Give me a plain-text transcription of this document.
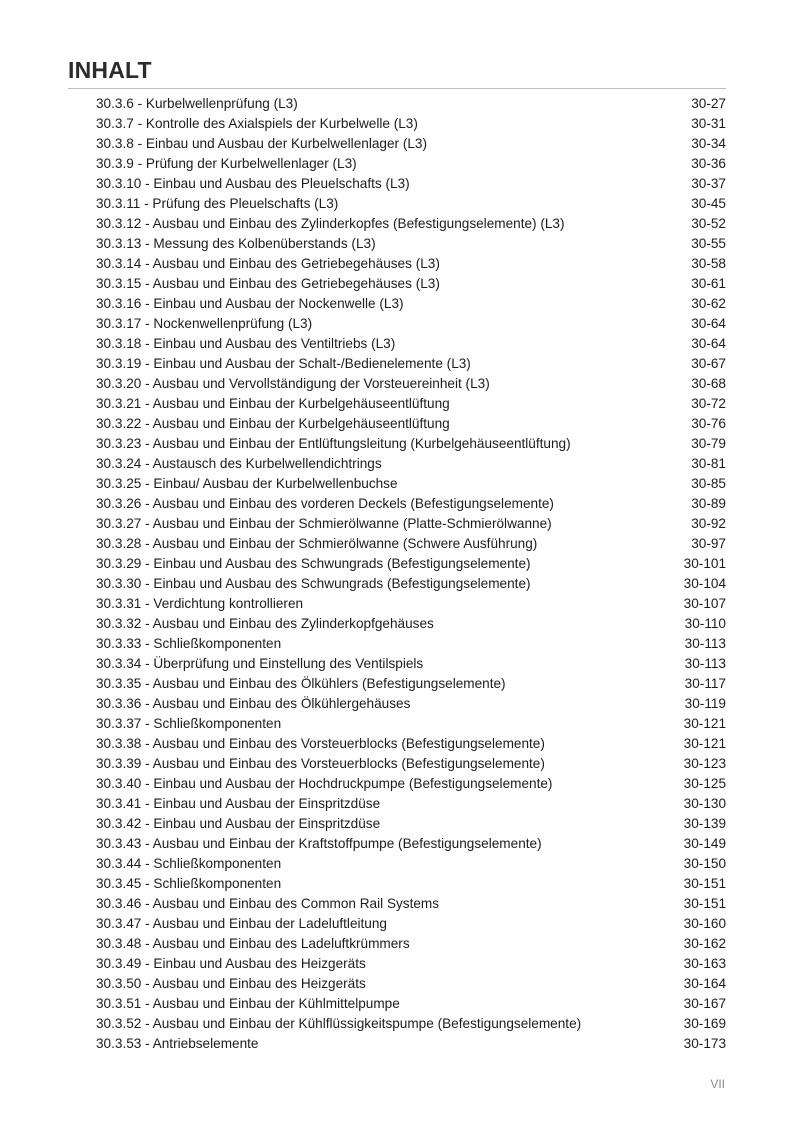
INHALT
30.3.6 - Kurbelwellenprüfung (L3)	30-27
30.3.7 - Kontrolle des Axialspiels der Kurbelwelle (L3)	30-31
30.3.8 - Einbau und Ausbau der Kurbelwellenlager (L3)	30-34
30.3.9 - Prüfung der Kurbelwellenlager (L3)	30-36
30.3.10 - Einbau und Ausbau des Pleuelschafts (L3)	30-37
30.3.11 - Prüfung des Pleuelschafts (L3)	30-45
30.3.12 - Ausbau und Einbau des Zylinderkopfes (Befestigungselemente) (L3)	30-52
30.3.13 - Messung des Kolbenüberstands (L3)	30-55
30.3.14 - Ausbau und Einbau des Getriebegehäuses (L3)	30-58
30.3.15 - Ausbau und Einbau des Getriebegehäuses (L3)	30-61
30.3.16 - Einbau und Ausbau der Nockenwelle (L3)	30-62
30.3.17 - Nockenwellenprüfung (L3)	30-64
30.3.18 - Einbau und Ausbau des Ventiltriebs (L3)	30-64
30.3.19 - Einbau und Ausbau der Schalt-/Bedienelemente (L3)	30-67
30.3.20 - Ausbau und Vervollständigung der Vorsteuereinheit (L3)	30-68
30.3.21 - Ausbau und Einbau der Kurbelgehäuseentlüftung	30-72
30.3.22 - Ausbau und Einbau der Kurbelgehäuseentlüftung	30-76
30.3.23 - Ausbau und Einbau der Entlüftungsleitung (Kurbelgehäuseentlüftung)	30-79
30.3.24 - Austausch des Kurbelwellendichtrings	30-81
30.3.25 - Einbau/ Ausbau der Kurbelwellenbuchse	30-85
30.3.26 - Ausbau und Einbau des vorderen Deckels (Befestigungselemente)	30-89
30.3.27 - Ausbau und Einbau der Schmierölwanne (Platte-Schmierölwanne)	30-92
30.3.28 - Ausbau und Einbau der Schmierölwanne (Schwere Ausführung)	30-97
30.3.29 - Einbau und Ausbau des Schwungrads (Befestigungselemente)	30-101
30.3.30 - Einbau und Ausbau des Schwungrads (Befestigungselemente)	30-104
30.3.31 - Verdichtung kontrollieren	30-107
30.3.32 - Ausbau und Einbau des Zylinderkopfgehäuses	30-110
30.3.33 - Schließkomponenten	30-113
30.3.34 - Überprüfung und Einstellung des Ventilspiels	30-113
30.3.35 - Ausbau und Einbau des Ölkühlers (Befestigungselemente)	30-117
30.3.36 - Ausbau und Einbau des Ölkühlergehäuses	30-119
30.3.37 - Schließkomponenten	30-121
30.3.38 - Ausbau und Einbau des Vorsteuerblocks (Befestigungselemente)	30-121
30.3.39 - Ausbau und Einbau des Vorsteuerblocks (Befestigungselemente)	30-123
30.3.40 - Einbau und Ausbau der Hochdruckpumpe (Befestigungselemente)	30-125
30.3.41 - Einbau und Ausbau der Einspritzdüse	30-130
30.3.42 - Einbau und Ausbau der Einspritzdüse	30-139
30.3.43 - Ausbau und Einbau der Kraftstoffpumpe (Befestigungselemente)	30-149
30.3.44 - Schließkomponenten	30-150
30.3.45 - Schließkomponenten	30-151
30.3.46 - Ausbau und Einbau des Common Rail Systems	30-151
30.3.47 - Ausbau und Einbau der Ladeluftleitung	30-160
30.3.48 - Ausbau und Einbau des Ladeluftkrümmers	30-162
30.3.49 - Einbau und Ausbau des Heizgeräts	30-163
30.3.50 - Ausbau und Einbau des Heizgeräts	30-164
30.3.51 - Ausbau und Einbau der Kühlmittelpumpe	30-167
30.3.52 - Ausbau und Einbau der Kühlflüssigkeitspumpe (Befestigungselemente)	30-169
30.3.53 - Antriebselemente	30-173
VII
